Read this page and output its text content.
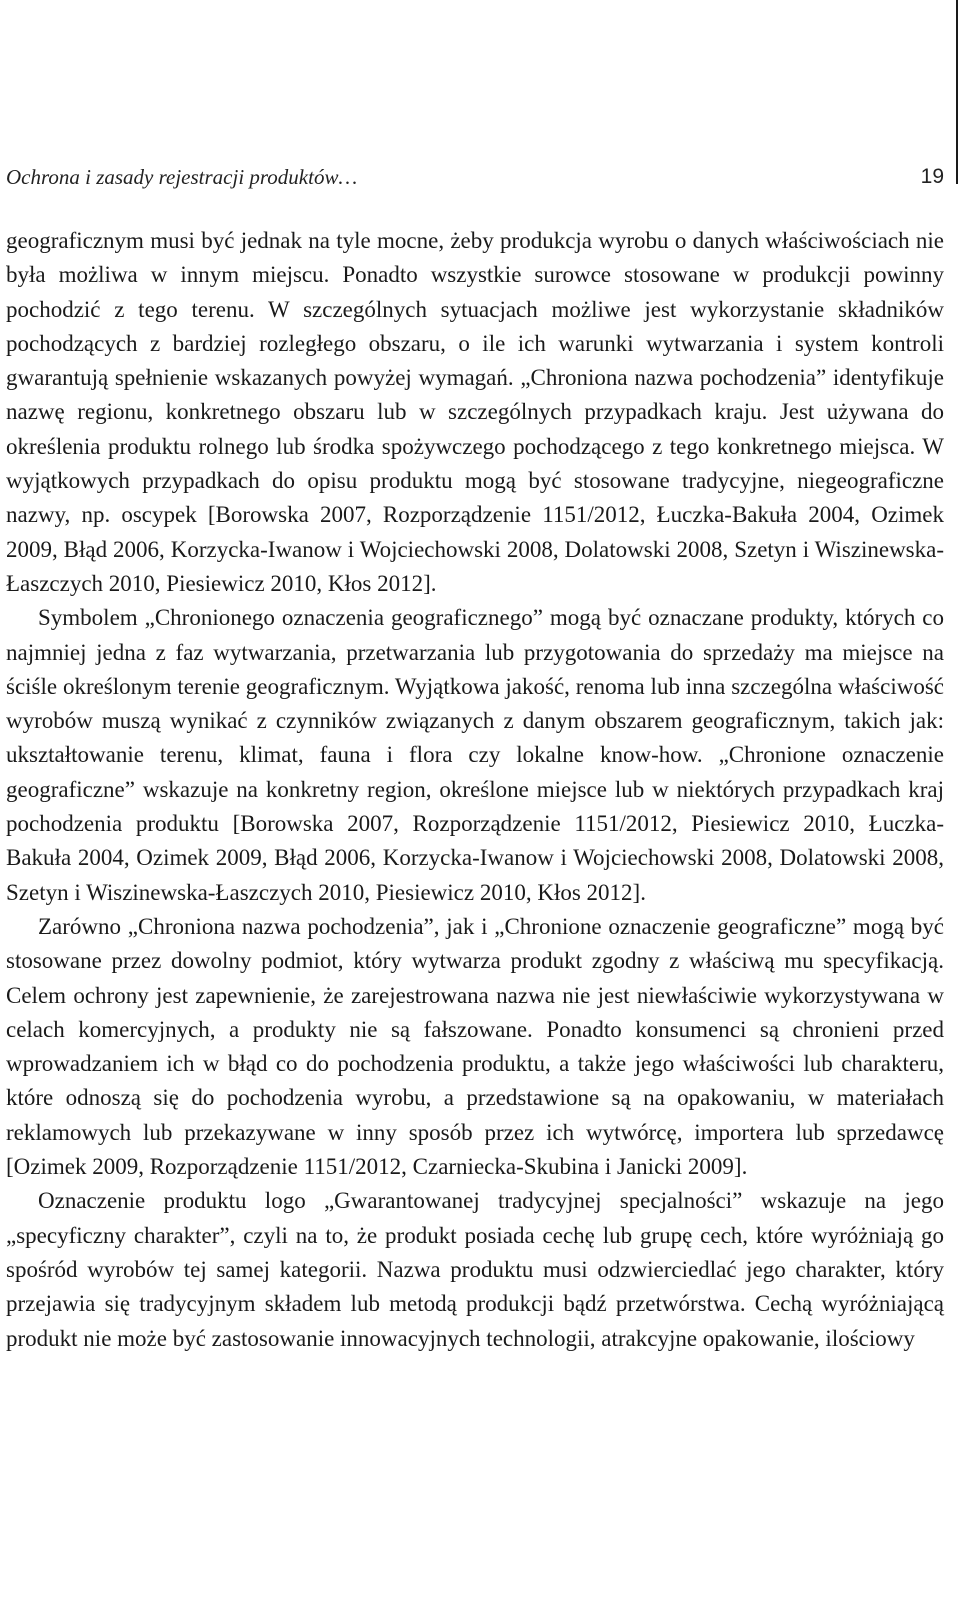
Ochrona i zasady rejestracji produktów…	19

geograficznym musi być jednak na tyle mocne, żeby produkcja wyrobu o danych właściwościach nie była możliwa w innym miejscu. Ponadto wszystkie surowce stosowane w produkcji powinny pochodzić z tego terenu. W szczególnych sytuacjach możliwe jest wykorzystanie składników pochodzących z bardziej rozległego obszaru, o ile ich warunki wytwarzania i system kontroli gwarantują spełnienie wskazanych powyżej wymagań. „Chroniona nazwa pochodzenia” identyfikuje nazwę regionu, konkretnego obszaru lub w szczególnych przypadkach kraju. Jest używana do określenia produktu rolnego lub środka spożywczego pochodzącego z tego konkretnego miejsca. W wyjątkowych przypadkach do opisu produktu mogą być stosowane tradycyjne, niegeograficzne nazwy, np. oscypek [Borowska 2007, Rozporządzenie 1151/2012, Łuczka-Bakuła 2004, Ozimek 2009, Błąd 2006, Korzycka-Iwanow i Wojciechowski 2008, Dolatowski 2008, Szetyn i Wiszinewska-Łaszczych 2010, Piesiewicz 2010, Kłos 2012].

Symbolem „Chronionego oznaczenia geograficznego” mogą być oznaczane produkty, których co najmniej jedna z faz wytwarzania, przetwarzania lub przygotowania do sprzedaży ma miejsce na ściśle określonym terenie geograficznym. Wyjątkowa jakość, renoma lub inna szczególna właściwość wyrobów muszą wynikać z czynników związanych z danym obszarem geograficznym, takich jak: ukształtowanie terenu, klimat, fauna i flora czy lokalne know-how. „Chronione oznaczenie geograficzne” wskazuje na konkretny region, określone miejsce lub w niektórych przypadkach kraj pochodzenia produktu [Borowska 2007, Rozporządzenie 1151/2012, Piesiewicz 2010, Łuczka-Bakuła 2004, Ozimek 2009, Błąd 2006, Korzycka-Iwanow i Wojciechowski 2008, Dolatowski 2008, Szetyn i Wiszinewska-Łaszczych 2010, Piesiewicz 2010, Kłos 2012].

Zarówno „Chroniona nazwa pochodzenia”, jak i „Chronione oznaczenie geograficzne” mogą być stosowane przez dowolny podmiot, który wytwarza produkt zgodny z właściwą mu specyfikacją. Celem ochrony jest zapewnienie, że zarejestrowana nazwa nie jest niewłaściwie wykorzystywana w celach komercyjnych, a produkty nie są fałszowane. Ponadto konsumenci są chronieni przed wprowadzaniem ich w błąd co do pochodzenia produktu, a także jego właściwości lub charakteru, które odnoszą się do pochodzenia wyrobu, a przedstawione są na opakowaniu, w materiałach reklamowych lub przekazywane w inny sposób przez ich wytwórcę, importera lub sprzedawcę [Ozimek 2009, Rozporządzenie 1151/2012, Czarniecka-Skubina i Janicki 2009].

Oznaczenie produktu logo „Gwarantowanej tradycyjnej specjalności” wskazuje na jego „specyficzny charakter”, czyli na to, że produkt posiada cechę lub grupę cech, które wyróżniają go spośród wyrobów tej samej kategorii. Nazwa produktu musi odzwierciedlać jego charakter, który przejawia się tradycyjnym składem lub metodą produkcji bądź przetwórstwa. Cechą wyróżniającą produkt nie może być zastosowanie innowacyjnych technologii, atrakcyjne opakowanie, ilościowy
